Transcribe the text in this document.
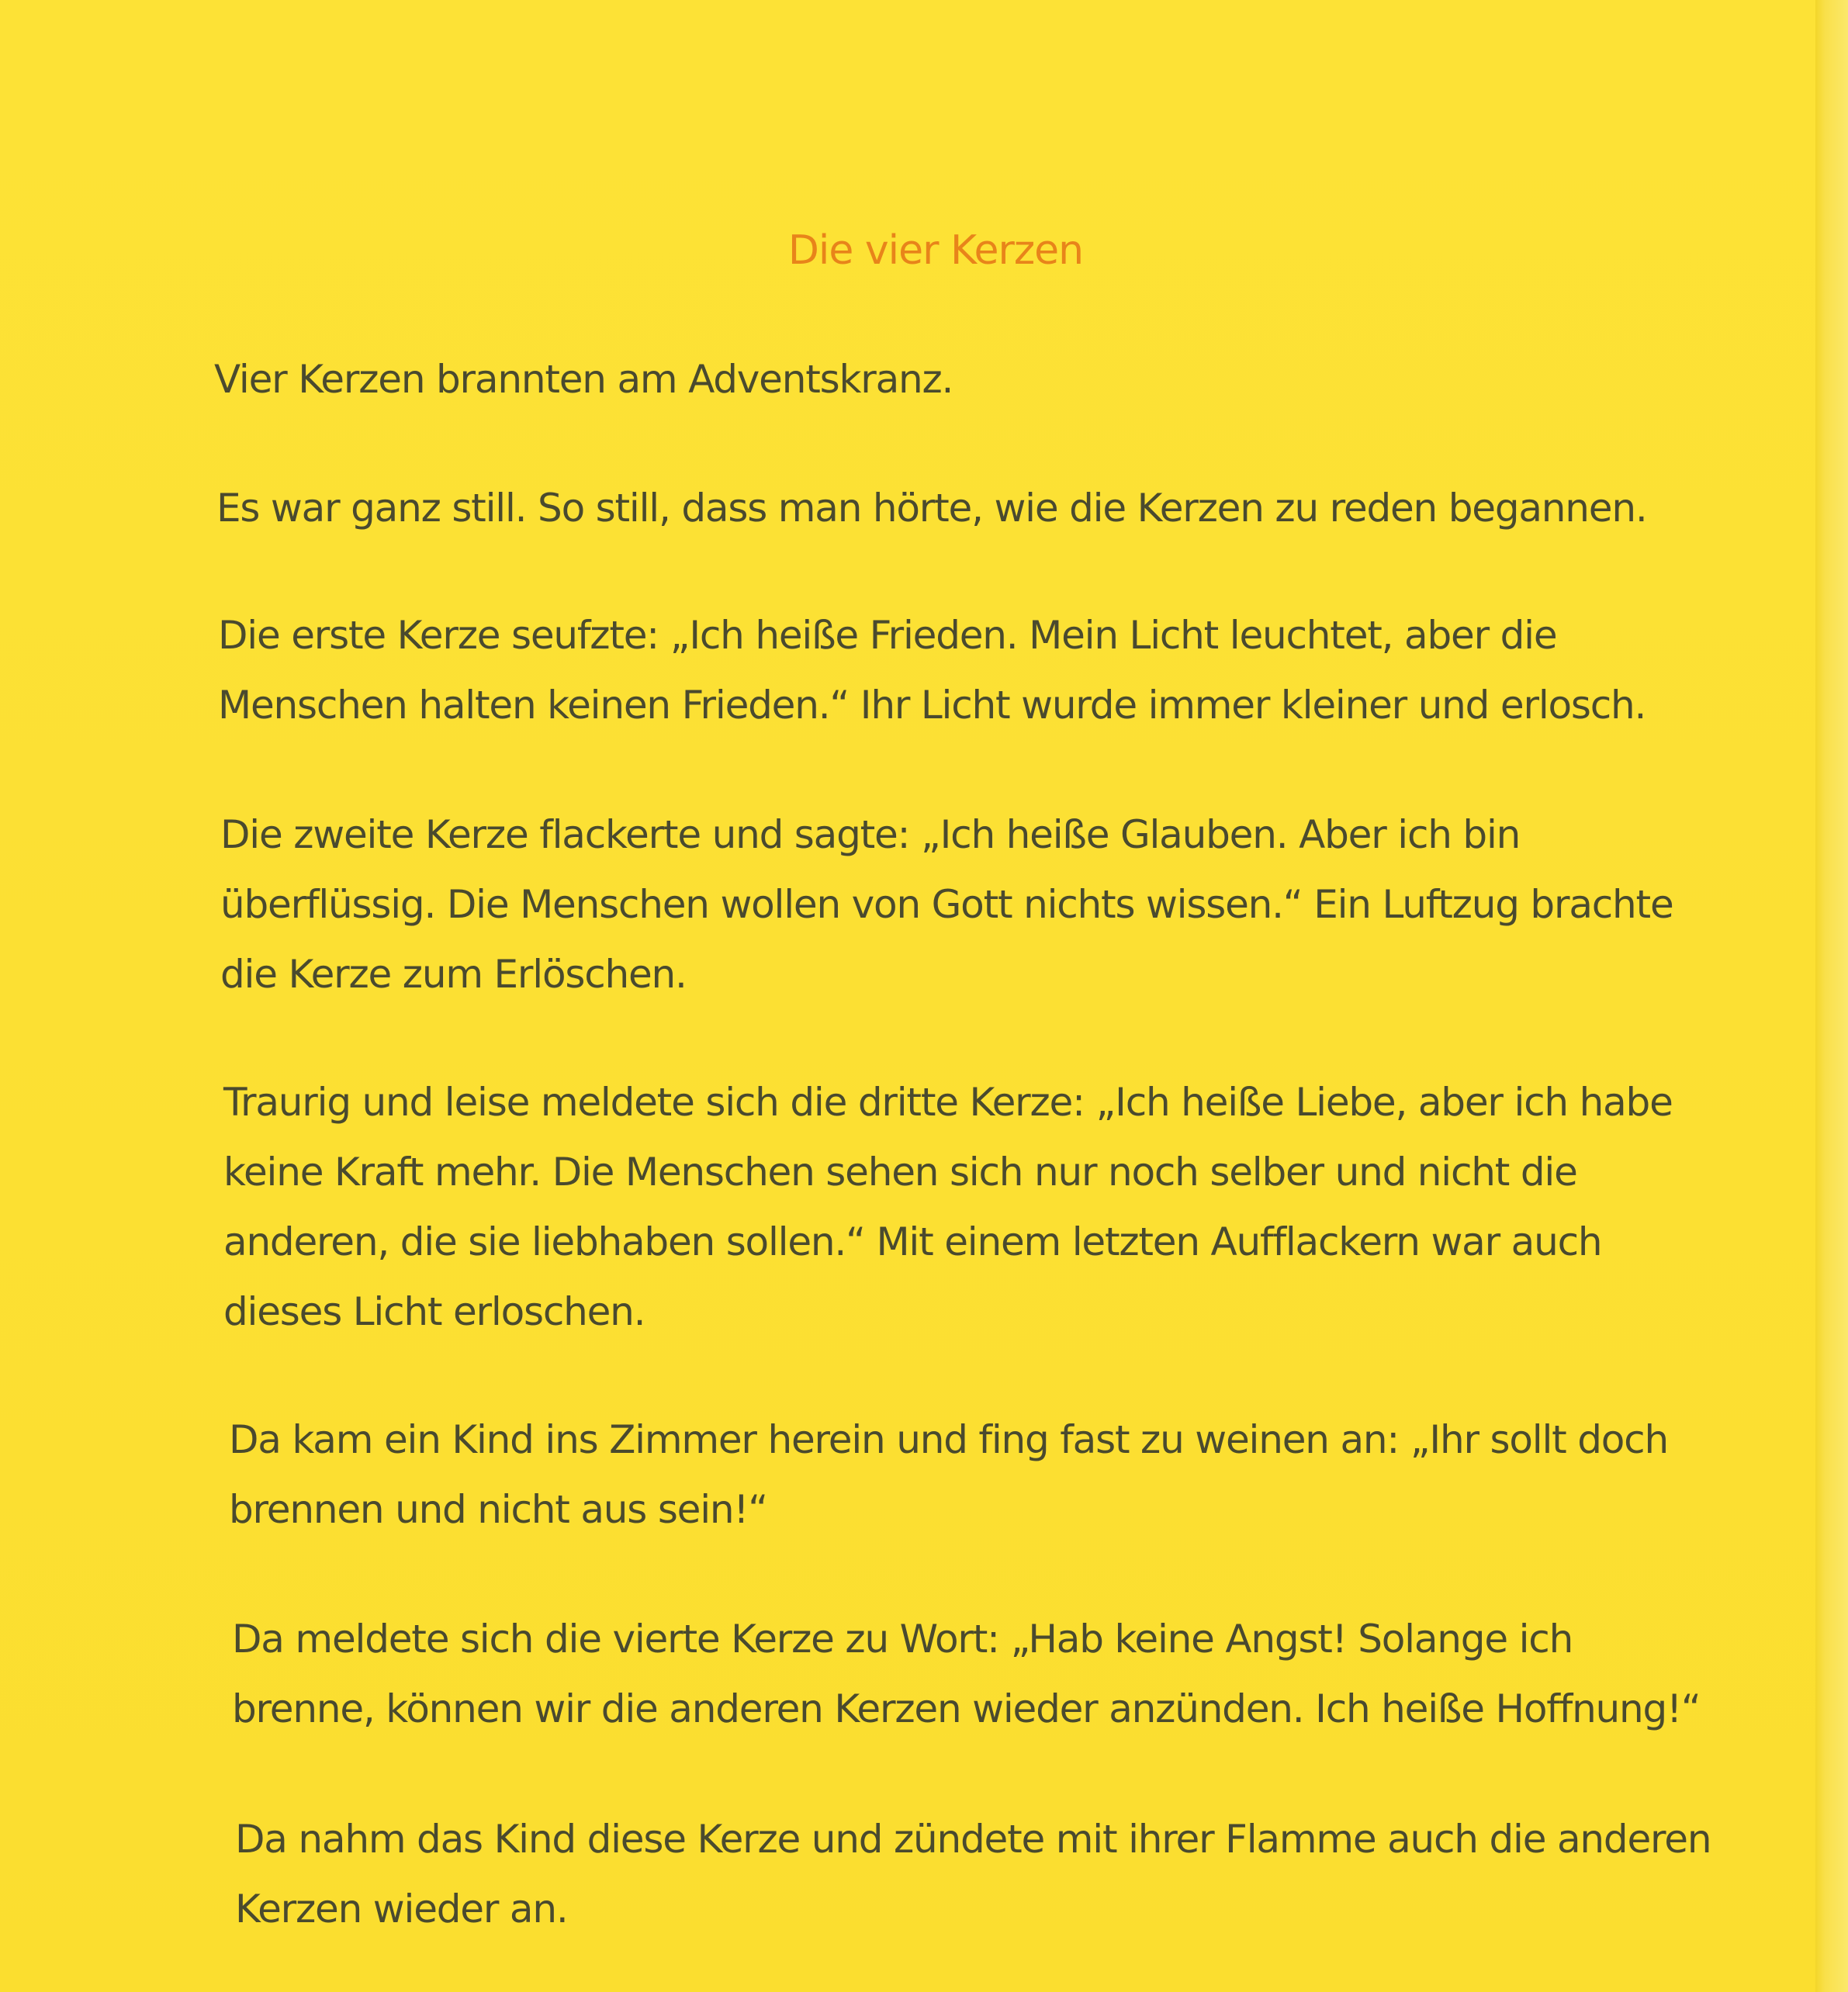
Die vier Kerzen

Vier Kerzen brannten am Adventskranz.

Es war ganz still. So still, dass man hörte, wie die Kerzen zu reden begannen.

Die erste Kerze seufzte: „Ich heiße Frieden. Mein Licht leuchtet, aber die
Menschen halten keinen Frieden.“ Ihr Licht wurde immer kleiner und erlosch.

Die zweite Kerze flackerte und sagte: „Ich heiße Glauben. Aber ich bin
überflüssig. Die Menschen wollen von Gott nichts wissen.“ Ein Luftzug brachte
die Kerze zum Erlöschen.

Traurig und leise meldete sich die dritte Kerze: „Ich heiße Liebe, aber ich habe
keine Kraft mehr. Die Menschen sehen sich nur noch selber und nicht die
anderen, die sie liebhaben sollen.“ Mit einem letzten Aufflackern war auch
dieses Licht erloschen.

Da kam ein Kind ins Zimmer herein und fing fast zu weinen an: „Ihr sollt doch
brennen und nicht aus sein!“

Da meldete sich die vierte Kerze zu Wort: „Hab keine Angst! Solange ich
brenne, können wir die anderen Kerzen wieder anzünden. Ich heiße Hoffnung!“

Da nahm das Kind diese Kerze und zündete mit ihrer Flamme auch die anderen
Kerzen wieder an.
